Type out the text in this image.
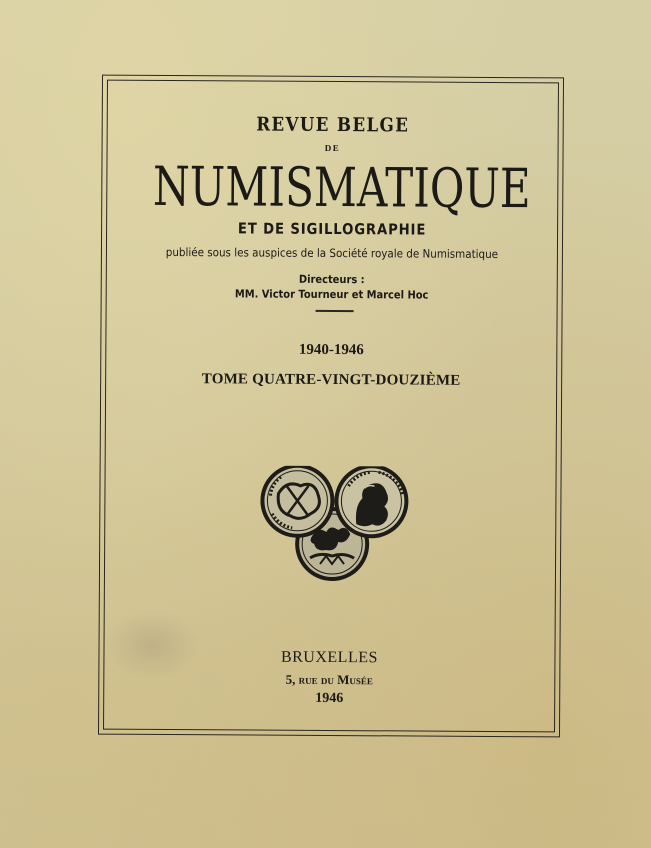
REVUE BELGE
DE
NUMISMATIQUE
ET DE SIGILLOGRAPHIE
publiée sous les auspices de la Société royale de Numismatique
Directeurs :
MM. Victor Tourneur et Marcel Hoc
1940-1946
TOME QUATRE-VINGT-DOUZIÈME
BRUXELLES
5, rue du Musée
1946
